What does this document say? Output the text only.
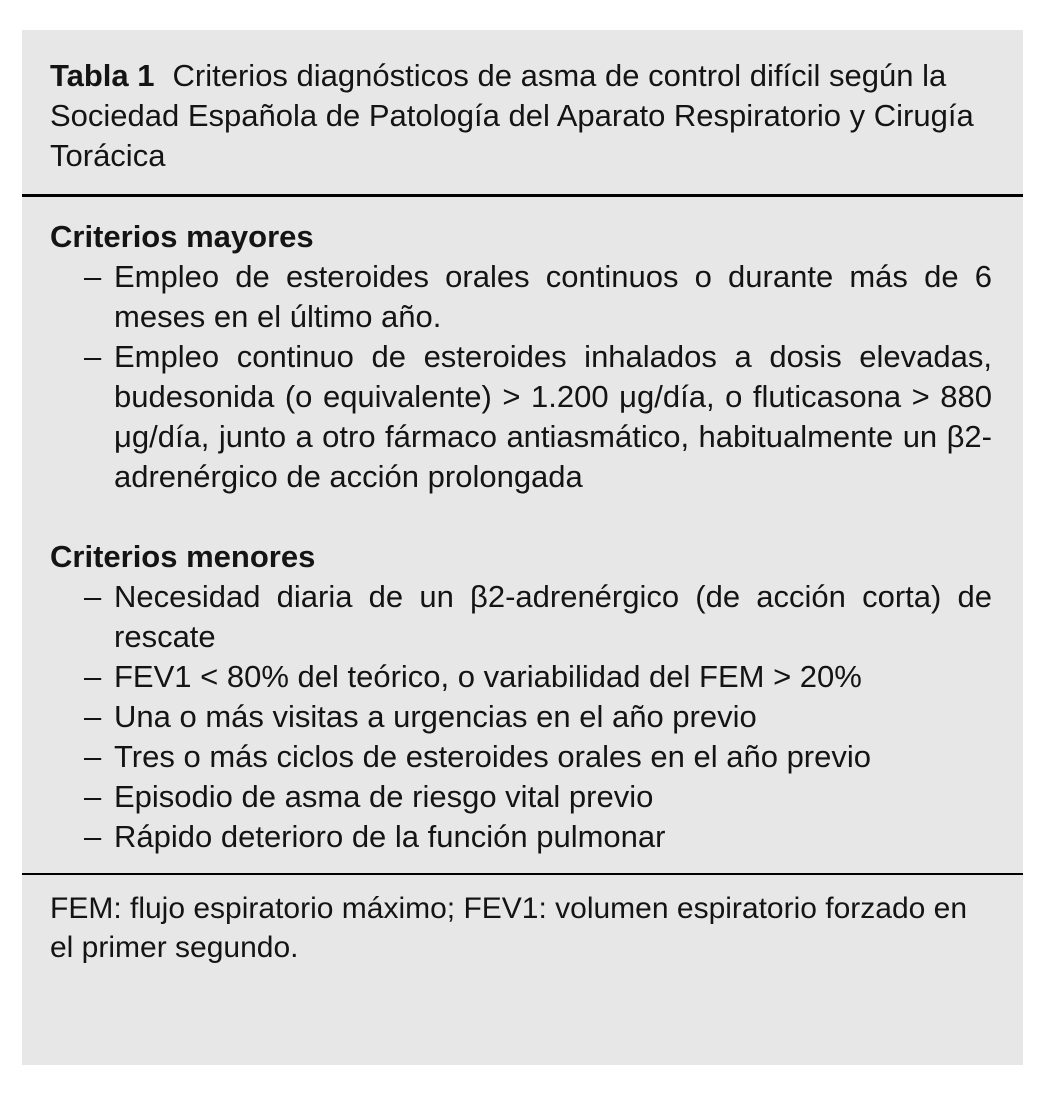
Tabla 1 Criterios diagnósticos de asma de control difícil según la Sociedad Española de Patología del Aparato Respiratorio y Cirugía Torácica

Criterios mayores

– Empleo de esteroides orales continuos o durante más de 6 meses en el último año.
– Empleo continuo de esteroides inhalados a dosis elevadas, budesonida (o equivalente) > 1.200 μg/día, o fluticasona > 880 μg/día, junto a otro fármaco antiasmático, habitualmente un β2-adrenérgico de acción prolongada

Criterios menores

– Necesidad diaria de un β2-adrenérgico (de acción corta) de rescate
– FEV1 < 80% del teórico, o variabilidad del FEM > 20%
– Una o más visitas a urgencias en el año previo
– Tres o más ciclos de esteroides orales en el año previo
– Episodio de asma de riesgo vital previo
– Rápido deterioro de la función pulmonar

FEM: flujo espiratorio máximo; FEV1: volumen espiratorio forzado en el primer segundo.
